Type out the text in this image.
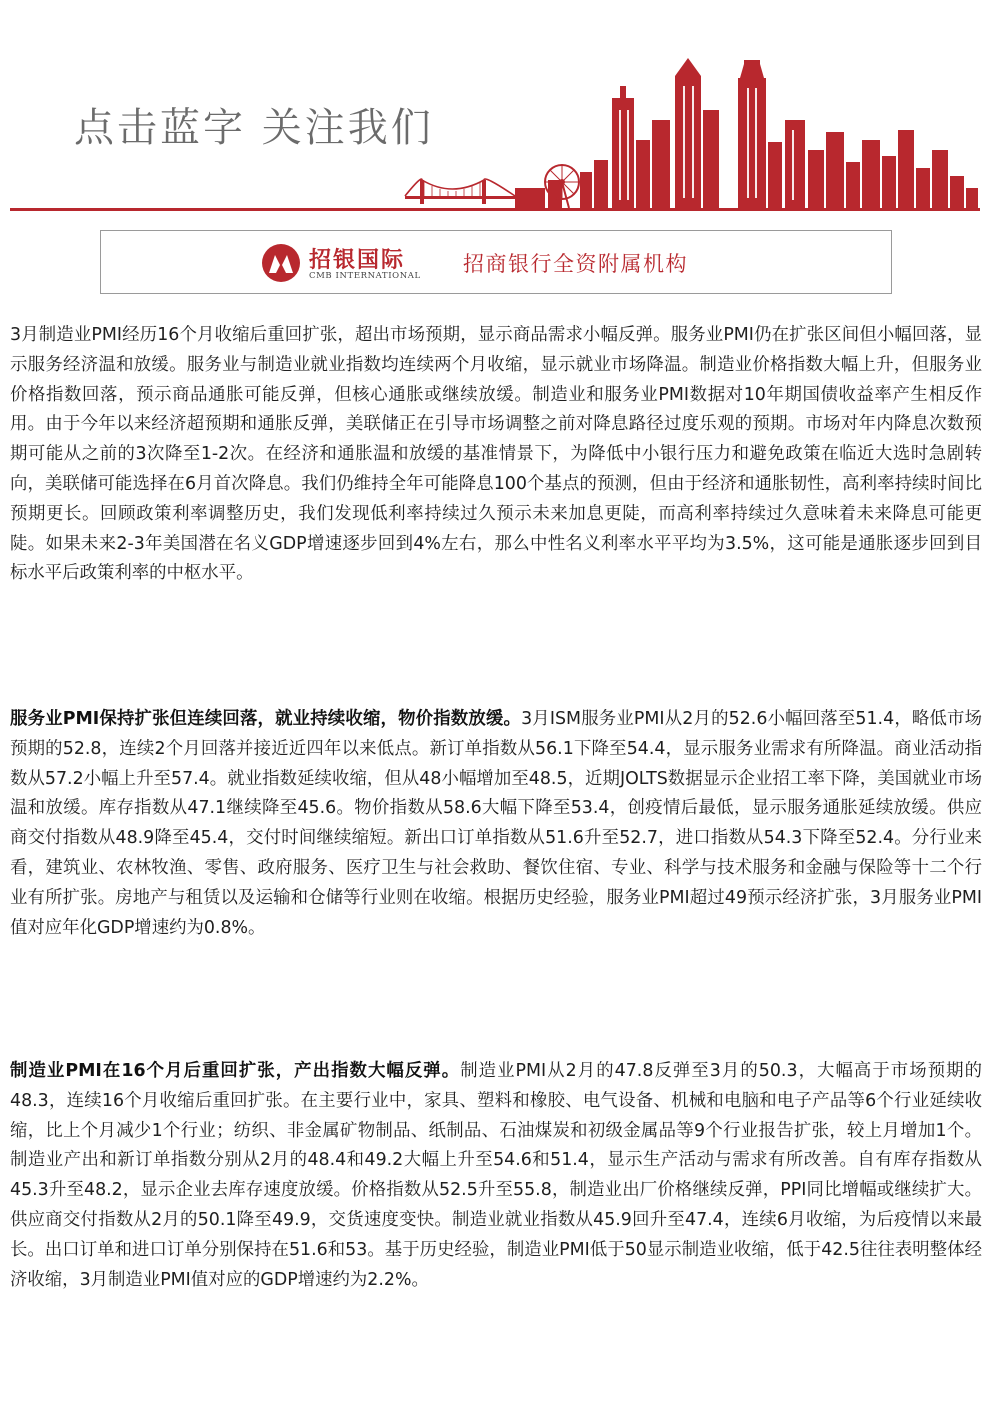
点击蓝字 关注我们
招银国际
CMB INTERNATIONAL 招商银行全资附属机构

3月制造业PMI经历16个月收缩后重回扩张，超出市场预期，显示商品需求小幅反弹。服务业PMI仍在扩张区间但小幅回落，显示服务经济温和放缓。服务业与制造业就业指数均连续两个月收缩，显示就业市场降温。制造业价格指数大幅上升，但服务业价格指数回落，预示商品通胀可能反弹，但核心通胀或继续放缓。制造业和服务业PMI数据对10年期国债收益率产生相反作用。由于今年以来经济超预期和通胀反弹，美联储正在引导市场调整之前对降息路径过度乐观的预期。市场对年内降息次数预期可能从之前的3次降至1-2次。在经济和通胀温和放缓的基准情景下，为降低中小银行压力和避免政策在临近大选时急剧转向，美联储可能选择在6月首次降息。我们仍维持全年可能降息100个基点的预测，但由于经济和通胀韧性，高利率持续时间比预期更长。回顾政策利率调整历史，我们发现低利率持续过久预示未来加息更陡，而高利率持续过久意味着未来降息可能更陡。如果未来2-3年美国潜在名义GDP增速逐步回到4%左右，那么中性名义利率水平平均为3.5%，这可能是通胀逐步回到目标水平后政策利率的中枢水平。

服务业PMI保持扩张但连续回落，就业持续收缩，物价指数放缓。3月ISM服务业PMI从2月的52.6小幅回落至51.4，略低市场预期的52.8，连续2个月回落并接近近四年以来低点。新订单指数从56.1下降至54.4，显示服务业需求有所降温。商业活动指数从57.2小幅上升至57.4。就业指数延续收缩，但从48小幅增加至48.5，近期JOLTS数据显示企业招工率下降，美国就业市场温和放缓。库存指数从47.1继续降至45.6。物价指数从58.6大幅下降至53.4，创疫情后最低，显示服务通胀延续放缓。供应商交付指数从48.9降至45.4，交付时间继续缩短。新出口订单指数从51.6升至52.7，进口指数从54.3下降至52.4。分行业来看，建筑业、农林牧渔、零售、政府服务、医疗卫生与社会救助、餐饮住宿、专业、科学与技术服务和金融与保险等十二个行业有所扩张。房地产与租赁以及运输和仓储等行业则在收缩。根据历史经验，服务业PMI超过49预示经济扩张，3月服务业PMI值对应年化GDP增速约为0.8%。

制造业PMI在16个月后重回扩张，产出指数大幅反弹。制造业PMI从2月的47.8反弹至3月的50.3，大幅高于市场预期的48.3，连续16个月收缩后重回扩张。在主要行业中，家具、塑料和橡胶、电气设备、机械和电脑和电子产品等6个行业延续收缩，比上个月减少1个行业；纺织、非金属矿物制品、纸制品、石油煤炭和初级金属品等9个行业报告扩张，较上月增加1个。制造业产出和新订单指数分别从2月的48.4和49.2大幅上升至54.6和51.4，显示生产活动与需求有所改善。自有库存指数从45.3升至48.2，显示企业去库存速度放缓。价格指数从52.5升至55.8，制造业出厂价格继续反弹，PPI同比增幅或继续扩大。供应商交付指数从2月的50.1降至49.9，交货速度变快。制造业就业指数从45.9回升至47.4，连续6月收缩，为后疫情以来最长。出口订单和进口订单分别保持在51.6和53。基于历史经验，制造业PMI低于50显示制造业收缩，低于42.5往往表明整体经济收缩，3月制造业PMI值对应的GDP增速约为2.2%。
